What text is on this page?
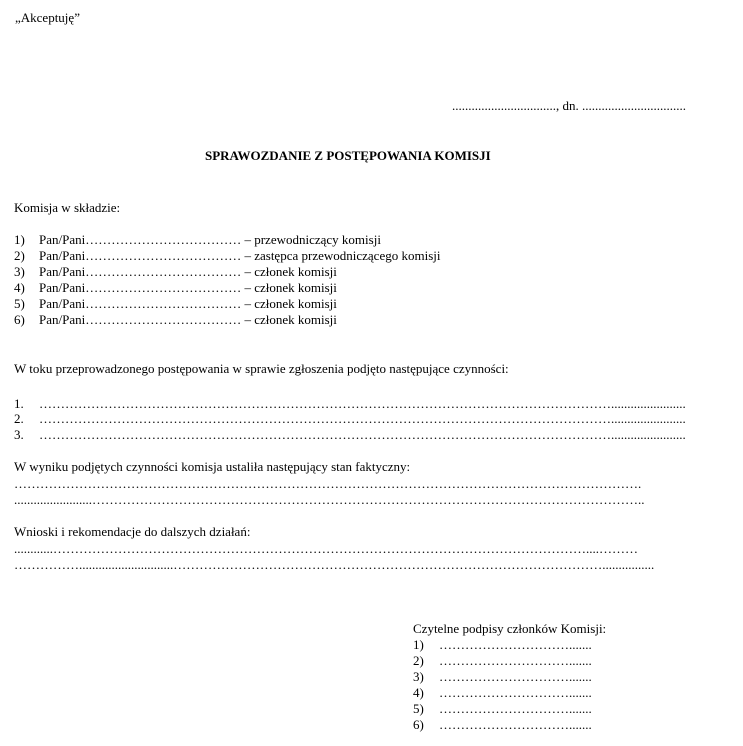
„Akceptuję”
................................, dn. ................................
SPRAWOZDANIE Z POSTĘPOWANIA KOMISJI
Komisja w składzie:
1) Pan/Pani……………………………… – przewodniczący komisji
2) Pan/Pani……………………………… – zastępca przewodniczącego komisji
3) Pan/Pani……………………………… – członek komisji
4) Pan/Pani……………………………… – członek komisji
5) Pan/Pani……………………………… – członek komisji
6) Pan/Pani……………………………… – członek komisji
W toku przeprowadzonego postępowania w sprawie zgłoszenia podjęto następujące czynności:
1. …………………………………………………………………………………………………………………….......................
2. …………………………………………………………………………………………………………………….......................
3. …………………………………………………………………………………………………………………….......................
W wyniku podjętych czynności komisja ustaliła następujący stan faktyczny:
……………………………………………………………………………………………………………………………….
........................………………………………………………………………………………………………………………..
Wnioski i rekomendacje do dalszych działań:
............……………………………………………………………………………………………………………....………
…………….............................………………………………………………………………………………………................
Czytelne podpisy członków Komisji:
1) ………………………….......
2) ………………………….......
3) ………………………….......
4) ………………………….......
5) ………………………….......
6) ………………………….......
